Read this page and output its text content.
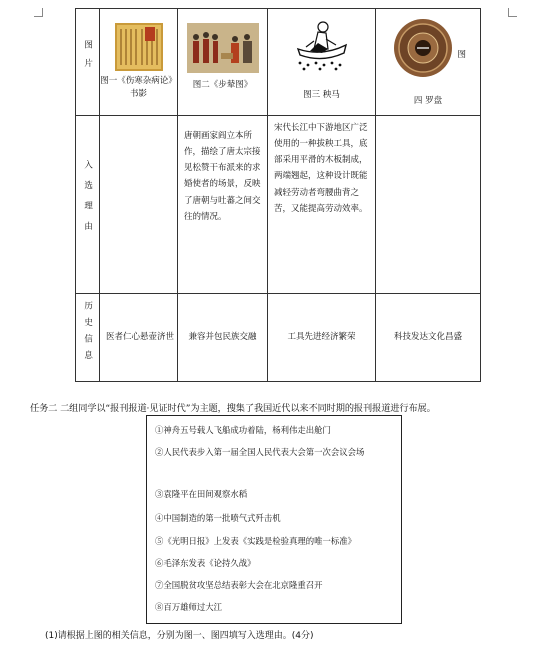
图片	图一《伤寒杂病论》书影	图二《步辇图》	图三 秧马	图
四 罗盘

入选理由		唐朝画家阎立本所作，描绘了唐太宗接见松赞干布派来的求婚使者的场景，反映了唐朝与吐蕃之间交往的情况。	宋代长江中下游地区广泛使用的一种拔秧工具，底部采用平滑的木板制成，两端翘起，这种设计既能减轻劳动者弯腰曲背之苦，又能提高劳动效率。	
历史信息	医者仁心悬壶济世	兼容并包民族交融	工具先进经济繁荣	科技发达文化昌盛
任务二 二组同学以“报刊报道·见证时代”为主题，搜集了我国近代以来不同时期的报刊报道进行布展。
①神舟五号载人飞船成功着陆，杨利伟走出舱门
②人民代表步入第一届全国人民代表大会第一次会议会场
③袁隆平在田间观察水稻
④中国制造的第一批喷气式歼击机
⑤《光明日报》上发表《实践是检验真理的唯一标准》
⑥毛泽东发表《论持久战》
⑦全国脱贫攻坚总结表彰大会在北京隆重召开
⑧百万雄师过大江
(1)请根据上图的相关信息，分别为图一、图四填写入选理由。(4分)
